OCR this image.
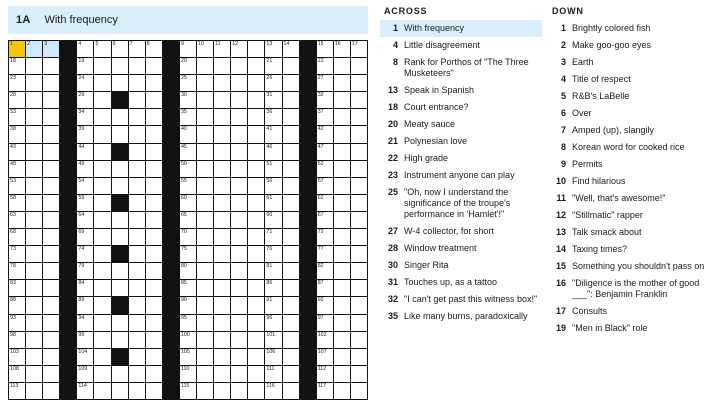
1A With frequency
1	2	3	4	5	6	7	8	9	10 11 12	13 14	15 16 17
18	19	20	21	22
23	24	25	26	27
28	29	30	31	32
33	34	35	36	37
38	39	40	41	42
43	44	45	46	47
48	49	50	51	52
53	54	55	56	57
58	59	60	61	62
63	64	65	66	67
68	69	70	71	72
73	74	75	76	77
78	79	80	81	82
83	84	85	86	87
88	89	90	91	92
93	94	95	96	97
98	99	100	101	102
103	104	105	106	107
108	109	110	111	112
113	114	115	116	117
ACROSS
1 With frequency
4 Little disagreement
8 Rank for Porthos of "The Three Musketeers"
13 Speak in Spanish
18 Court entrance?
20 Meaty sauce
21 Polynesian love
22 High grade
23 Instrument anyone can play
25 "Oh, now I understand the significance of the troupe's performance in 'Hamlet'!"
27 W-4 collector, for short
28 Window treatment
30 Singer Rita
31 Touches up, as a tattoo
32 "I can't get past this witness box!"
35 Like many burns, paradoxically
DOWN
1 Brightly colored fish
2 Make goo-goo eyes
3 Earth
4 Title of respect
5 R&B's LaBelle
6 Over
7 Amped (up), slangily
8 Korean word for cooked rice
9 Permits
10 Find hilarious
11 "Well, that's awesome!"
12 "Stillmatic" rapper
13 Talk smack about
14 Taxing times?
15 Something you shouldn't pass on
16 "Diligence is the mother of good ___": Benjamin Franklin
17 Consults
19 "Men in Black" role
